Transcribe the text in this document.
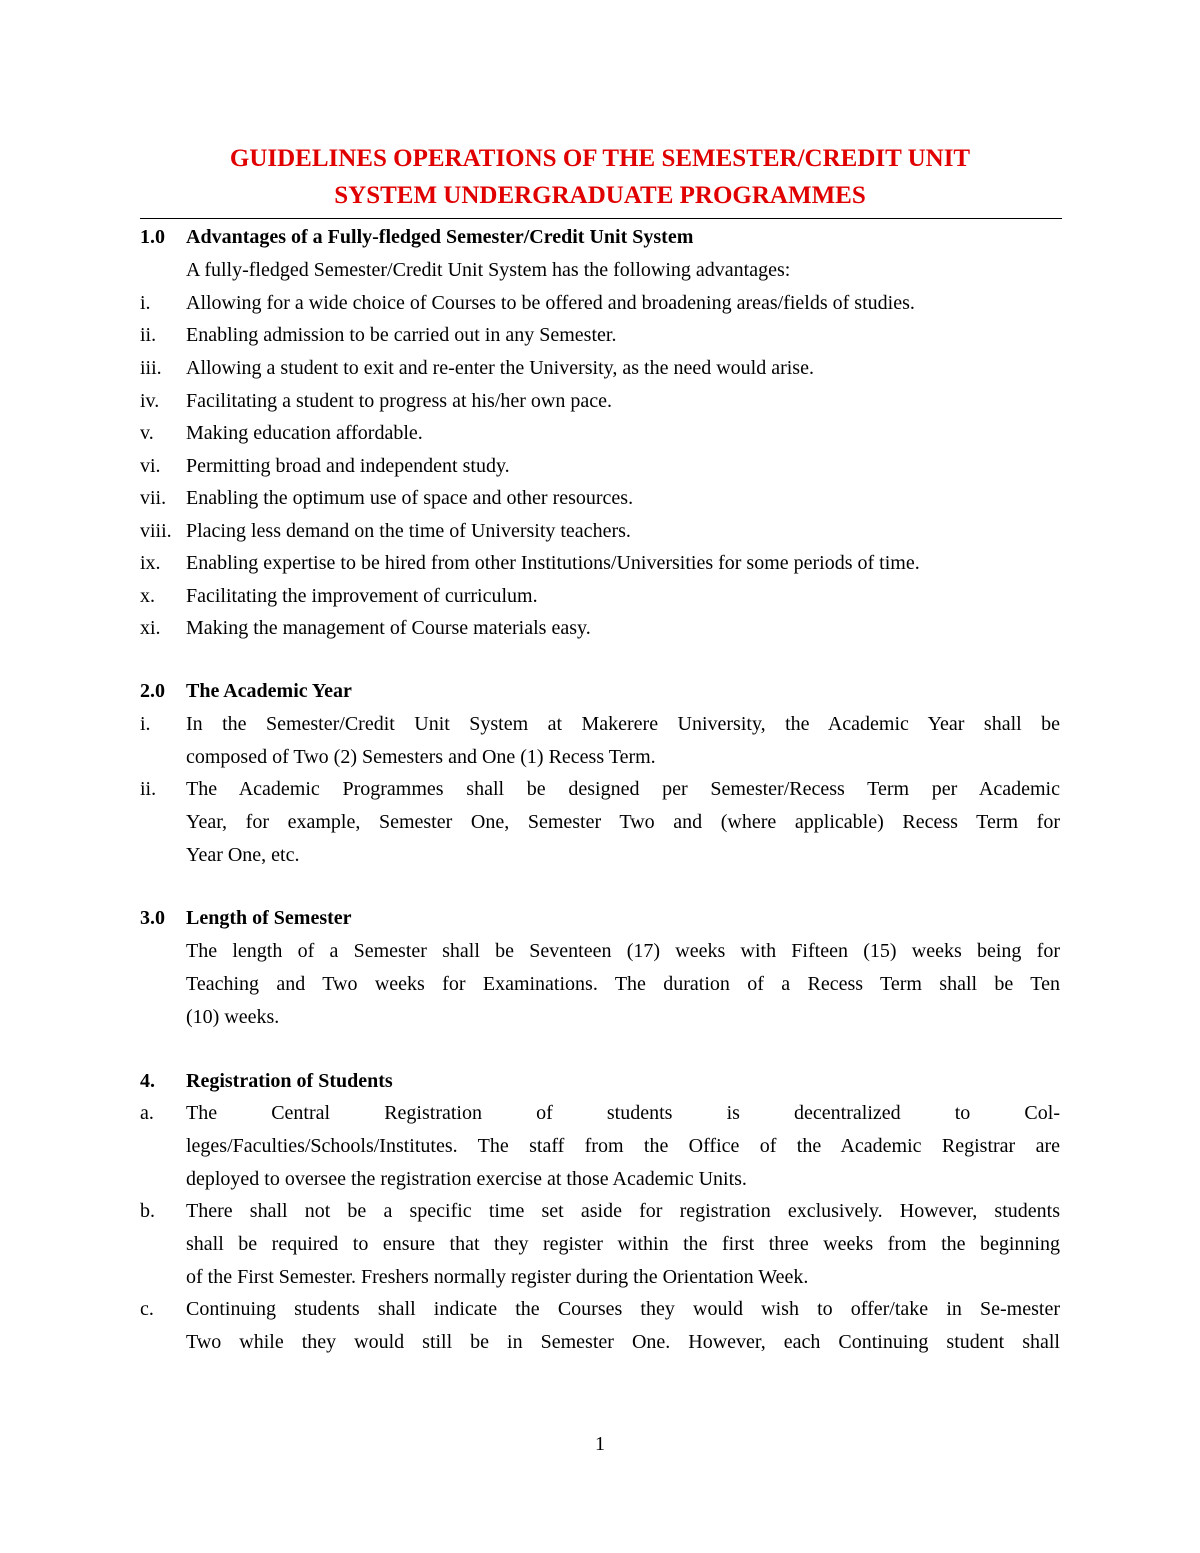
GUIDELINES OPERATIONS OF THE SEMESTER/CREDIT UNIT
SYSTEM UNDERGRADUATE PROGRAMMES
1.0 Advantages of a Fully-fledged Semester/Credit Unit System
A fully-fledged Semester/Credit Unit System has the following advantages:
i.	Allowing for a wide choice of Courses to be offered and broadening areas/fields of studies.
ii.	Enabling admission to be carried out in any Semester.
iii.	Allowing a student to exit and re-enter the University, as the need would arise.
iv.	Facilitating a student to progress at his/her own pace.
v.	Making education affordable.
vi.	Permitting broad and independent study.
vii. Enabling the optimum use of space and other resources.
viii. Placing less demand on the time of University teachers.
ix.	Enabling expertise to be hired from other Institutions/Universities for some periods of time.
x.	Facilitating the improvement of curriculum.
xi.	Making the management of Course materials easy.
2.0 The Academic Year
i. In the Semester/Credit Unit System at Makerere University, the Academic Year shall be
composed of Two (2) Semesters and One (1) Recess Term.
ii. The Academic Programmes shall be designed per Semester/Recess Term per Academic
Year, for example, Semester One, Semester Two and (where applicable) Recess Term for
Year One, etc.
3.0 Length of Semester
The length of a Semester shall be Seventeen (17) weeks with Fifteen (15) weeks being for
Teaching and Two weeks for Examinations. The duration of a Recess Term shall be Ten
(10) weeks.
4. Registration of Students
a. The Central Registration of students is decentralized to Col-
leges/Faculties/Schools/Institutes. The staff from the Office of the Academic Registrar are
deployed to oversee the registration exercise at those Academic Units.
b. There shall not be a specific time set aside for registration exclusively. However, students
shall be required to ensure that they register within the first three weeks from the beginning
of the First Semester. Freshers normally register during the Orientation Week.
c. Continuing students shall indicate the Courses they would wish to offer/take in Se-mester
Two while they would still be in Semester One. However, each Continuing student shall
1
